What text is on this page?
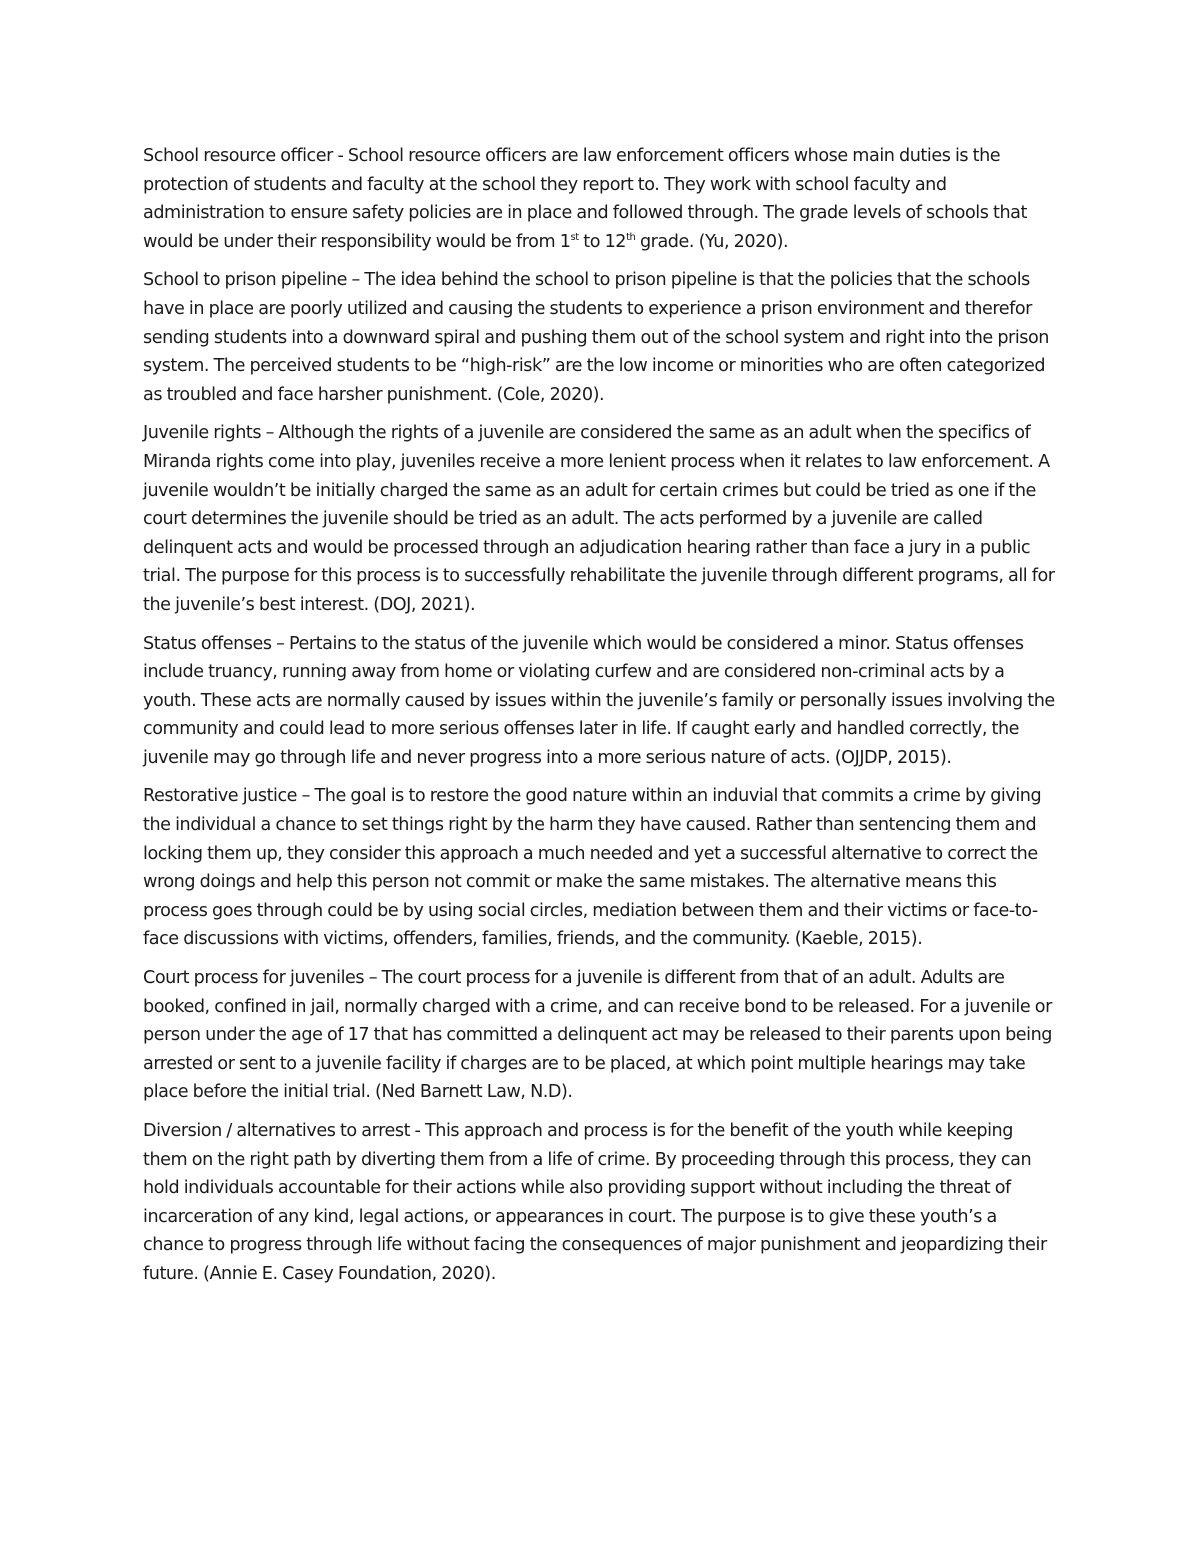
School resource officer - School resource officers are law enforcement officers whose main duties is the protection of students and faculty at the school they report to. They work with school faculty and administration to ensure safety policies are in place and followed through. The grade levels of schools that would be under their responsibility would be from 1st to 12th grade. (Yu, 2020).

School to prison pipeline – The idea behind the school to prison pipeline is that the policies that the schools have in place are poorly utilized and causing the students to experience a prison environment and therefor sending students into a downward spiral and pushing them out of the school system and right into the prison system. The perceived students to be “high-risk” are the low income or minorities who are often categorized as troubled and face harsher punishment. (Cole, 2020).

Juvenile rights – Although the rights of a juvenile are considered the same as an adult when the specifics of Miranda rights come into play, juveniles receive a more lenient process when it relates to law enforcement. A juvenile wouldn’t be initially charged the same as an adult for certain crimes but could be tried as one if the court determines the juvenile should be tried as an adult. The acts performed by a juvenile are called delinquent acts and would be processed through an adjudication hearing rather than face a jury in a public trial. The purpose for this process is to successfully rehabilitate the juvenile through different programs, all for the juvenile’s best interest. (DOJ, 2021).

Status offenses – Pertains to the status of the juvenile which would be considered a minor. Status offenses include truancy, running away from home or violating curfew and are considered non-criminal acts by a youth. These acts are normally caused by issues within the juvenile’s family or personally issues involving the community and could lead to more serious offenses later in life. If caught early and handled correctly, the juvenile may go through life and never progress into a more serious nature of acts. (OJJDP, 2015).

Restorative justice – The goal is to restore the good nature within an induvial that commits a crime by giving the individual a chance to set things right by the harm they have caused. Rather than sentencing them and locking them up, they consider this approach a much needed and yet a successful alternative to correct the wrong doings and help this person not commit or make the same mistakes. The alternative means this process goes through could be by using social circles, mediation between them and their victims or face-to-face discussions with victims, offenders, families, friends, and the community. (Kaeble, 2015).

Court process for juveniles – The court process for a juvenile is different from that of an adult. Adults are booked, confined in jail, normally charged with a crime, and can receive bond to be released. For a juvenile or person under the age of 17 that has committed a delinquent act may be released to their parents upon being arrested or sent to a juvenile facility if charges are to be placed, at which point multiple hearings may take place before the initial trial. (Ned Barnett Law, N.D).

Diversion / alternatives to arrest - This approach and process is for the benefit of the youth while keeping them on the right path by diverting them from a life of crime. By proceeding through this process, they can hold individuals accountable for their actions while also providing support without including the threat of incarceration of any kind, legal actions, or appearances in court. The purpose is to give these youth’s a chance to progress through life without facing the consequences of major punishment and jeopardizing their future. (Annie E. Casey Foundation, 2020).
